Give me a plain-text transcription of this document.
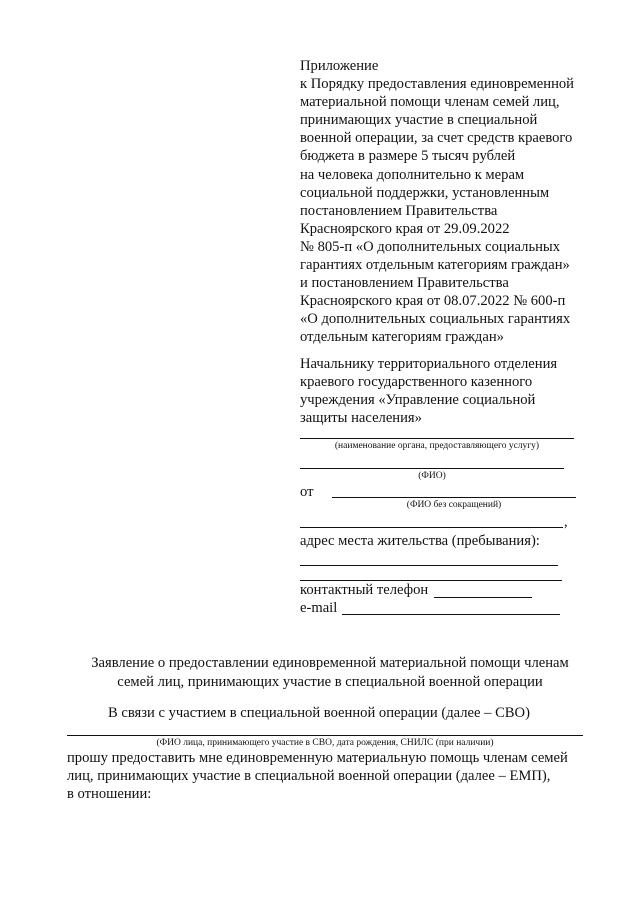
Приложение
к Порядку предоставления единовременной
материальной помощи членам семей лиц,
принимающих участие в специальной
военной операции, за счет средств краевого
бюджета в размере 5 тысяч рублей
на человека дополнительно к мерам
социальной поддержки, установленным
постановлением Правительства
Красноярского края от 29.09.2022
№ 805-п «О дополнительных социальных
гарантиях отдельным категориям граждан»
и постановлением Правительства
Красноярского края от 08.07.2022 № 600-п
«О дополнительных социальных гарантиях
отдельным категориям граждан»
Начальнику территориального отделения
краевого государственного казенного
учреждения «Управление социальной
защиты населения»
(наименование органа, предоставляющего услугу)
(ФИО)
от
(ФИО без сокращений)
,
адрес места жительства (пребывания):
контактный телефон
e-mail
Заявление о предоставлении единовременной материальной помощи членам
семей лиц, принимающих участие в специальной военной операции
В связи с участием в специальной военной операции (далее – СВО)
(ФИО лица, принимающего участие в СВО, дата рождения, СНИЛС (при наличии)
прошу предоставить мне единовременную материальную помощь членам семей
лиц, принимающих участие в специальной военной операции (далее – ЕМП),
в отношении:
